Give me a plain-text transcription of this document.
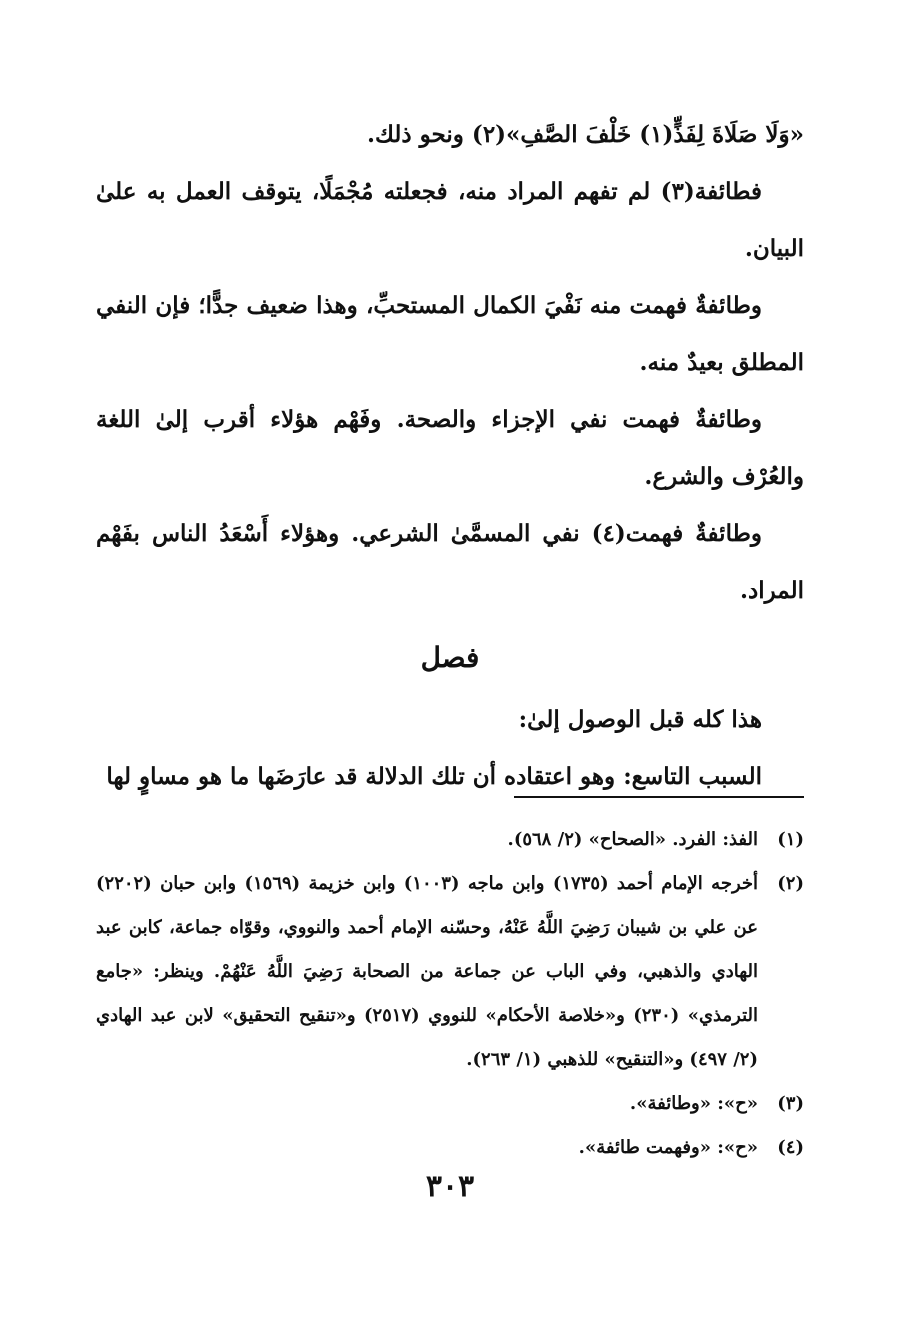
«وَلَا صَلَاةَ لِفَذٍّ(١) خَلْفَ الصَّفِ»(٢) ونحو ذلك.

فطائفة(٣) لم تفهم المراد منه، فجعلته مُجْمَلًا، يتوقف العمل به علىٰ البيان.

وطائفةٌ فهمت منه نَفْيَ الكمال المستحبِّ، وهذا ضعيف جدًّا؛ فإن النفي المطلق بعيدٌ منه.

وطائفةٌ فهمت نفي الإجزاء والصحة. وفَهْم هؤلاء أقرب إلىٰ اللغة والعُرْف والشرع.

وطائفةٌ فهمت(٤) نفي المسمَّىٰ الشرعي. وهؤلاء أَسْعَدُ الناس بفَهْم المراد.

فصل

هذا كله قبل الوصول إلىٰ:

السبب التاسع: وهو اعتقاده أن تلك الدلالة قد عارَضَها ما هو مساوٍ لها

(١)
الفذ: الفرد. «الصحاح» (٢/ ٥٦٨).
(٢)
أخرجه الإمام أحمد (١٧٣٥) وابن ماجه (١٠٠٣) وابن خزيمة (١٥٦٩) وابن حبان (٢٢٠٢) عن علي بن شيبان رَضِيَ اللَّهُ عَنْهُ، وحسّنه الإمام أحمد والنووي، وقوّاه جماعة، كابن عبد الهادي والذهبي، وفي الباب عن جماعة من الصحابة رَضِيَ اللَّهُ عَنْهُمْ. وينظر: «جامع الترمذي» (٢٣٠) و«خلاصة الأحكام» للنووي (٢٥١٧) و«تنقيح التحقيق» لابن عبد الهادي (٢/ ٤٩٧) و«التنقيح» للذهبي (١/ ٢٦٣).
(٣)
«ح»: «وطائفة».
(٤)
«ح»: «وفهمت طائفة».
٣٠٣
